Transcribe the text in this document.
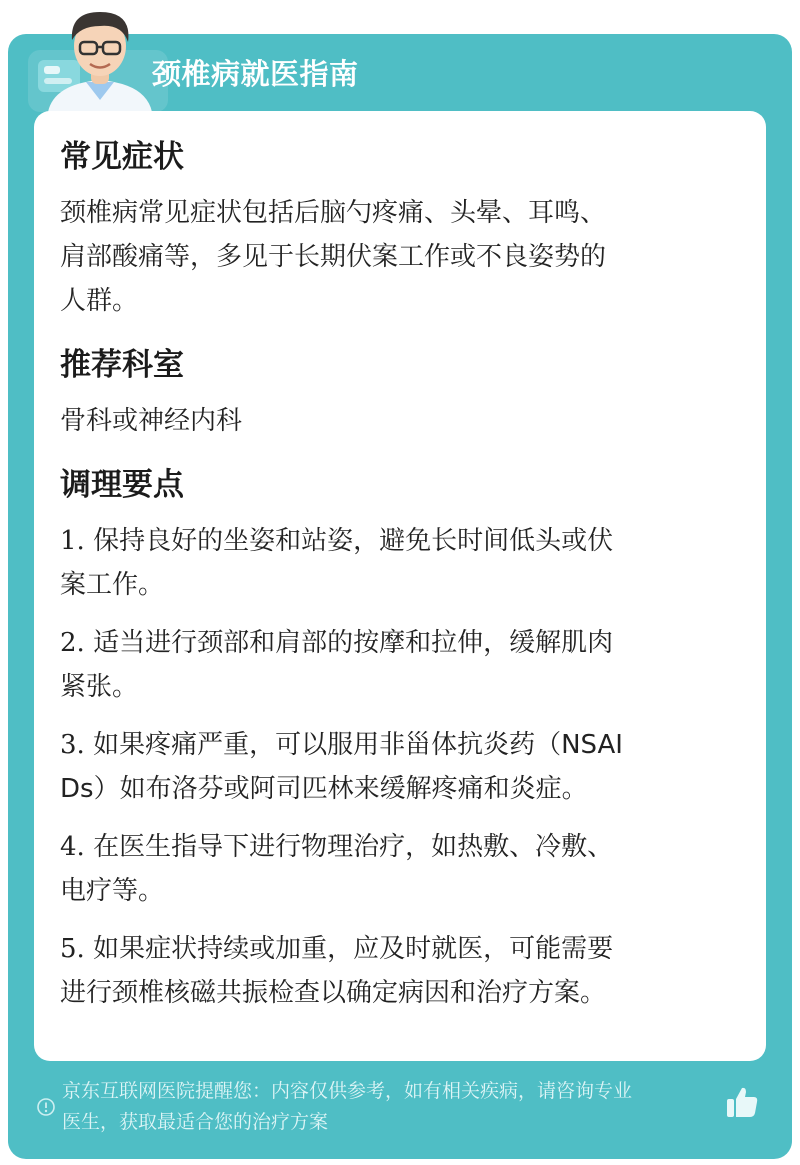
颈椎病就医指南
常见症状

颈椎病常见症状包括后脑勺疼痛、头晕、耳鸣、

肩部酸痛等，多见于长期伏案工作或不良姿势的

人群。

推荐科室

骨科或神经内科

调理要点

1. 保持良好的坐姿和站姿，避免长时间低头或伏

案工作。

2. 适当进行颈部和肩部的按摩和拉伸，缓解肌肉

紧张。

3. 如果疼痛严重，可以服用非甾体抗炎药（NSAI

Ds）如布洛芬或阿司匹林来缓解疼痛和炎症。

4. 在医生指导下进行物理治疗，如热敷、冷敷、

电疗等。

5. 如果症状持续或加重，应及时就医，可能需要

进行颈椎核磁共振检查以确定病因和治疗方案。

京东互联网医院提醒您：内容仅供参考，如有相关疾病，请咨询专业
医生，获取最适合您的治疗方案
